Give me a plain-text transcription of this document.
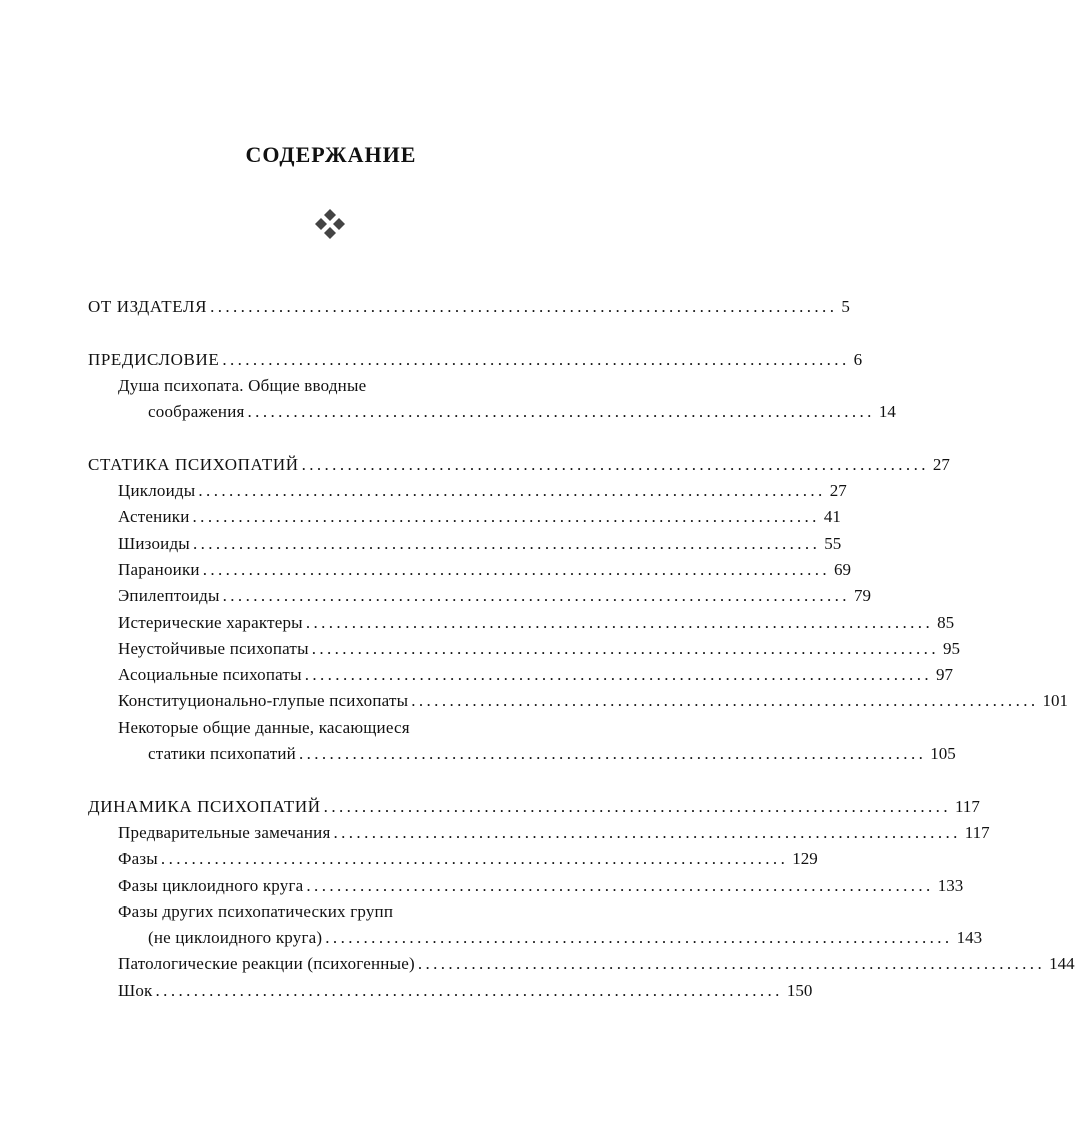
СОДЕРЖАНИЕ
ОТ ИЗДАТЕЛЯ .................................................................................. 5
ПРЕДИСЛОВИЕ .................................................................................. 6
Душа психопата. Общие вводные
соображения .................................................................................. 14
СТАТИКА ПСИХОПАТИЙ .................................................................................. 27
Циклоиды .................................................................................. 27
Астеники .................................................................................. 41
Шизоиды .................................................................................. 55
Параноики .................................................................................. 69
Эпилептоиды .................................................................................. 79
Истерические характеры .................................................................................. 85
Неустойчивые психопаты .................................................................................. 95
Асоциальные психопаты .................................................................................. 97
Конституционально-глупые психопаты .................................................................................. 101
Некоторые общие данные, касающиеся
статики психопатий .................................................................................. 105
ДИНАМИКА ПСИХОПАТИЙ .................................................................................. 117
Предварительные замечания .................................................................................. 117
Фазы .................................................................................. 129
Фазы циклоидного круга .................................................................................. 133
Фазы других психопатических групп
(не циклоидного круга) .................................................................................. 143
Патологические реакции (психогенные) .................................................................................. 144
Шок .................................................................................. 150
